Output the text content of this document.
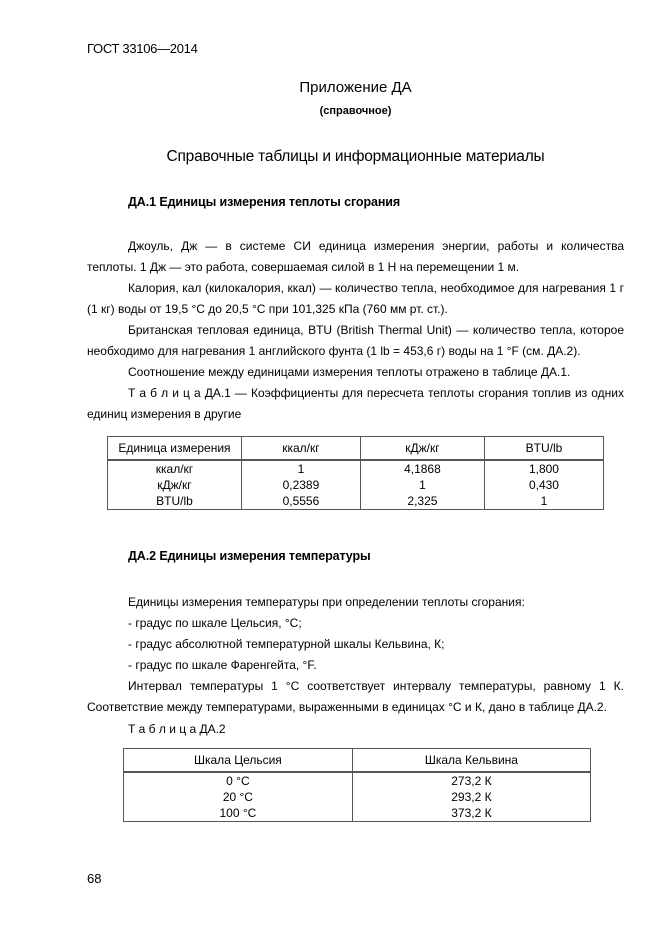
ГОСТ 33106—2014
Приложение ДА
(справочное)
Справочные таблицы и информационные материалы
ДА.1 Единицы измерения теплоты сгорания

Джоуль, Дж — в системе СИ единица измерения энергии, работы и количества теплоты. 1 Дж — это работа, совершаемая силой в 1 Н на перемещении 1 м.

Калория, кал (килокалория, ккал) — количество тепла, необходимое для нагревания 1 г (1 кг) воды от 19,5 °С до 20,5 °С при 101,325 кПа (760 мм рт. ст.).

Британская тепловая единица, BTU (British Thermal Unit) — количество тепла, которое необходимо для нагревания 1 английского фунта (1 lb = 453,6 г) воды на 1 °F (см. ДА.2).

Соотношение между единицами измерения теплоты отражено в таблице ДА.1.

Т а б л и ц а ДА.1 — Коэффициенты для пересчета теплоты сгорания топлив из одних единиц измерения в другие

Единица измерения	ккал/кг	кДж/кг	BTU/lb
ккал/кг	1	4,1868	1,800
кДж/кг	0,2389	1	0,430
BTU/lb	0,5556	2,325	1
ДА.2 Единицы измерения температуры

Единицы измерения температуры при определении теплоты сгорания:

- градус по шкале Цельсия, °С;

- градус абсолютной температурной шкалы Кельвина, К;

- градус по шкале Фаренгейта, °F.

Интервал температуры 1 °С соответствует интервалу температуры, равному 1 К. Соответствие между температурами, выраженными в единицах °С и К, дано в таблице ДА.2.

Т а б л и ц а ДА.2

Шкала Цельсия	Шкала Кельвина
0 °С	273,2 К
20 °С	293,2 К
100 °С	373,2 К
68
